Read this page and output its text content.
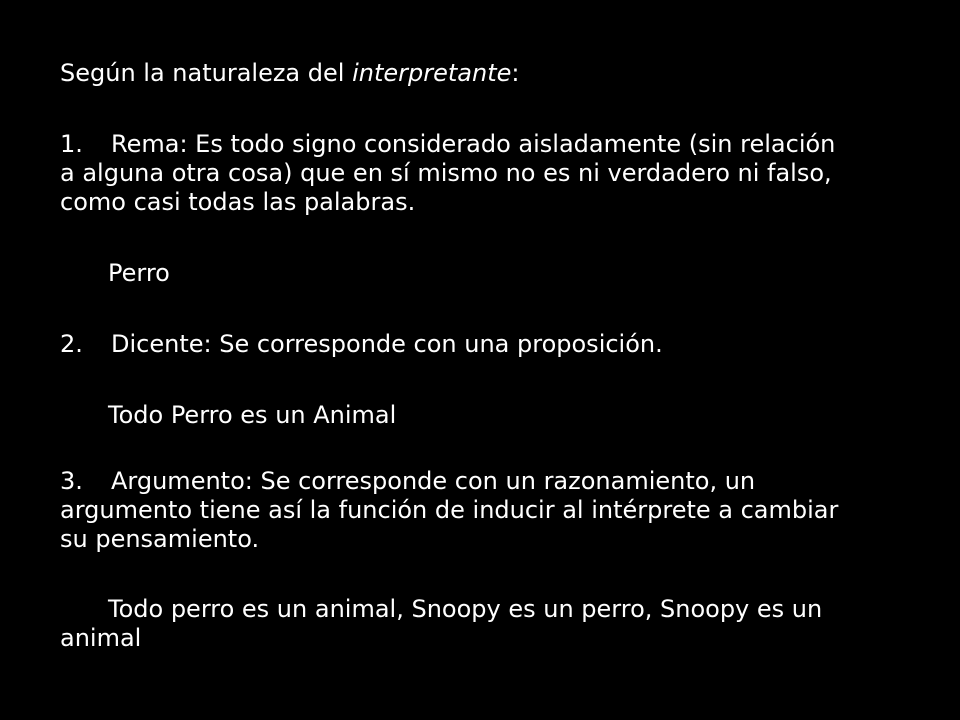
Según la naturaleza del interpretante:
1. Rema: Es todo signo considerado aisladamente (sin relación
a alguna otra cosa) que en sí mismo no es ni verdadero ni falso,
como casi todas las palabras.
Perro
2. Dicente: Se corresponde con una proposición.
Todo Perro es un Animal
3. Argumento: Se corresponde con un razonamiento, un
argumento tiene así la función de inducir al intérprete a cambiar
su pensamiento.
Todo perro es un animal, Snoopy es un perro, Snoopy es un
animal
